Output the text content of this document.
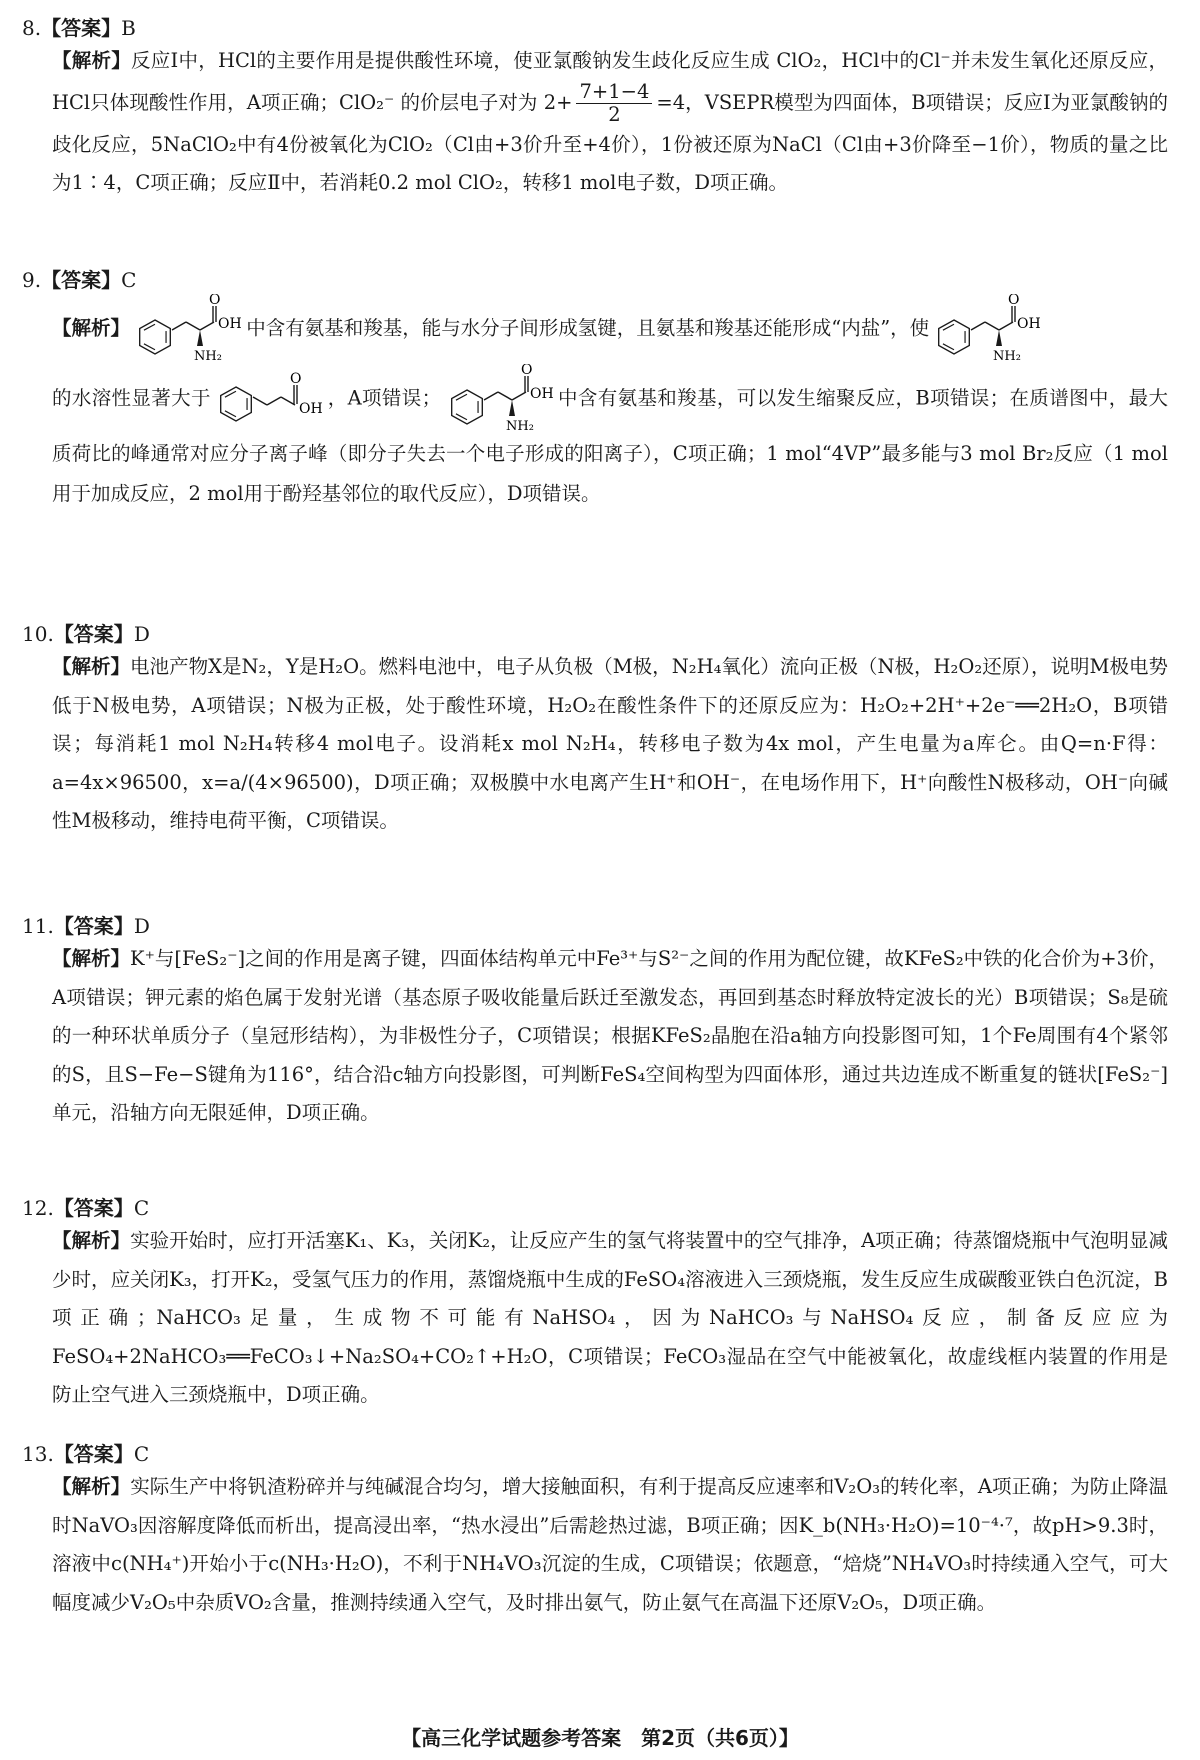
8.【答案】B
【解析】反应Ⅰ中，HCl的主要作用是提供酸性环境，使亚氯酸钠发生歧化反应生成 ClO₂，HCl中的Cl⁻并未发生氧化还原反应，HCl只体现酸性作用，A项正确；ClO₂⁻ 的价层电子对为 $2+ \frac{7+1-4}{2} =4$，VSEPR模型为四面体，B项错误；反应Ⅰ为亚氯酸钠的歧化反应，5NaClO₂中有4份被氧化为ClO₂（Cl由+3价升至+4价），1份被还原为NaCl（Cl由+3价降至−1价），物质的量之比为1∶4，C项正确；反应Ⅱ中，若消耗0.2 mol ClO₂，转移1 mol电子数，D项正确。
9.【答案】C
【解析】
O
OH
NH₂
中含有氨基和羧基，能与水分子间形成氢键，且氨基和羧基还能形成“内盐”，使
O
OH
NH₂

的水溶性显著大于
O
OH ，A项错误；
O
OH
NH₂
中含有氨基和羧基，可以发生缩聚反应，B项错误；在质谱图中，最大质荷比的峰通常对应分子离子峰（即分子失去一个电子形成的阳离子），C项正确；1 mol“4VP”最多能与3 mol Br₂反应（1 mol用于加成反应，2 mol用于酚羟基邻位的取代反应），D项错误。
10.【答案】D
【解析】电池产物X是N₂，Y是H₂O。燃料电池中，电子从负极（M极，N₂H₄氧化）流向正极（N极，H₂O₂还原），说明M极电势低于N极电势，A项错误；N极为正极，处于酸性环境，H₂O₂在酸性条件下的还原反应为：H₂O₂+2H⁺+2e⁻══2H₂O，B项错误；每消耗1 mol N₂H₄转移4 mol电子。设消耗x mol N₂H₄，转移电子数为4x mol，产生电量为a库仑。由Q=n·F得：a=4x×96500，x=a/(4×96500)，D项正确；双极膜中水电离产生H⁺和OH⁻，在电场作用下，H⁺向酸性N极移动，OH⁻向碱性M极移动，维持电荷平衡，C项错误。
11.【答案】D
【解析】K⁺与[FeS₂⁻]之间的作用是离子键，四面体结构单元中Fe³⁺与S²⁻之间的作用为配位键，故KFeS₂中铁的化合价为+3价，A项错误；钾元素的焰色属于发射光谱（基态原子吸收能量后跃迁至激发态，再回到基态时释放特定波长的光）B项错误；S₈是硫的一种环状单质分子（皇冠形结构），为非极性分子，C项错误；根据KFeS₂晶胞在沿a轴方向投影图可知，1个Fe周围有4个紧邻的S，且S−Fe−S键角为116°，结合沿c轴方向投影图，可判断FeS₄空间构型为四面体形，通过共边连成不断重复的链状[FeS₂⁻]单元，沿轴方向无限延伸，D项正确。
12.【答案】C
【解析】实验开始时，应打开活塞K₁、K₃，关闭K₂，让反应产生的氢气将装置中的空气排净，A项正确；待蒸馏烧瓶中气泡明显减少时，应关闭K₃，打开K₂，受氢气压力的作用，蒸馏烧瓶中生成的FeSO₄溶液进入三颈烧瓶，发生反应生成碳酸亚铁白色沉淀，B项正确；NaHCO₃足量，生成物不可能有NaHSO₄，因为NaHCO₃与NaHSO₄反应，制备反应应为FeSO₄+2NaHCO₃══FeCO₃↓+Na₂SO₄+CO₂↑+H₂O，C项错误；FeCO₃湿品在空气中能被氧化，故虚线框内装置的作用是防止空气进入三颈烧瓶中，D项正确。
13.【答案】C
【解析】实际生产中将钒渣粉碎并与纯碱混合均匀，增大接触面积，有利于提高反应速率和V₂O₃的转化率，A项正确；为防止降温时NaVO₃因溶解度降低而析出，提高浸出率，“热水浸出”后需趁热过滤，B项正确；因K_b(NH₃·H₂O)=10⁻⁴·⁷，故pH>9.3时，溶液中c(NH₄⁺)开始小于c(NH₃·H₂O)，不利于NH₄VO₃沉淀的生成，C项错误；依题意，“焙烧”NH₄VO₃时持续通入空气，可大幅度减少V₂O₅中杂质VO₂含量，推测持续通入空气，及时排出氨气，防止氨气在高温下还原V₂O₅，D项正确。
【高三化学试题参考答案　第2页（共6页）】
